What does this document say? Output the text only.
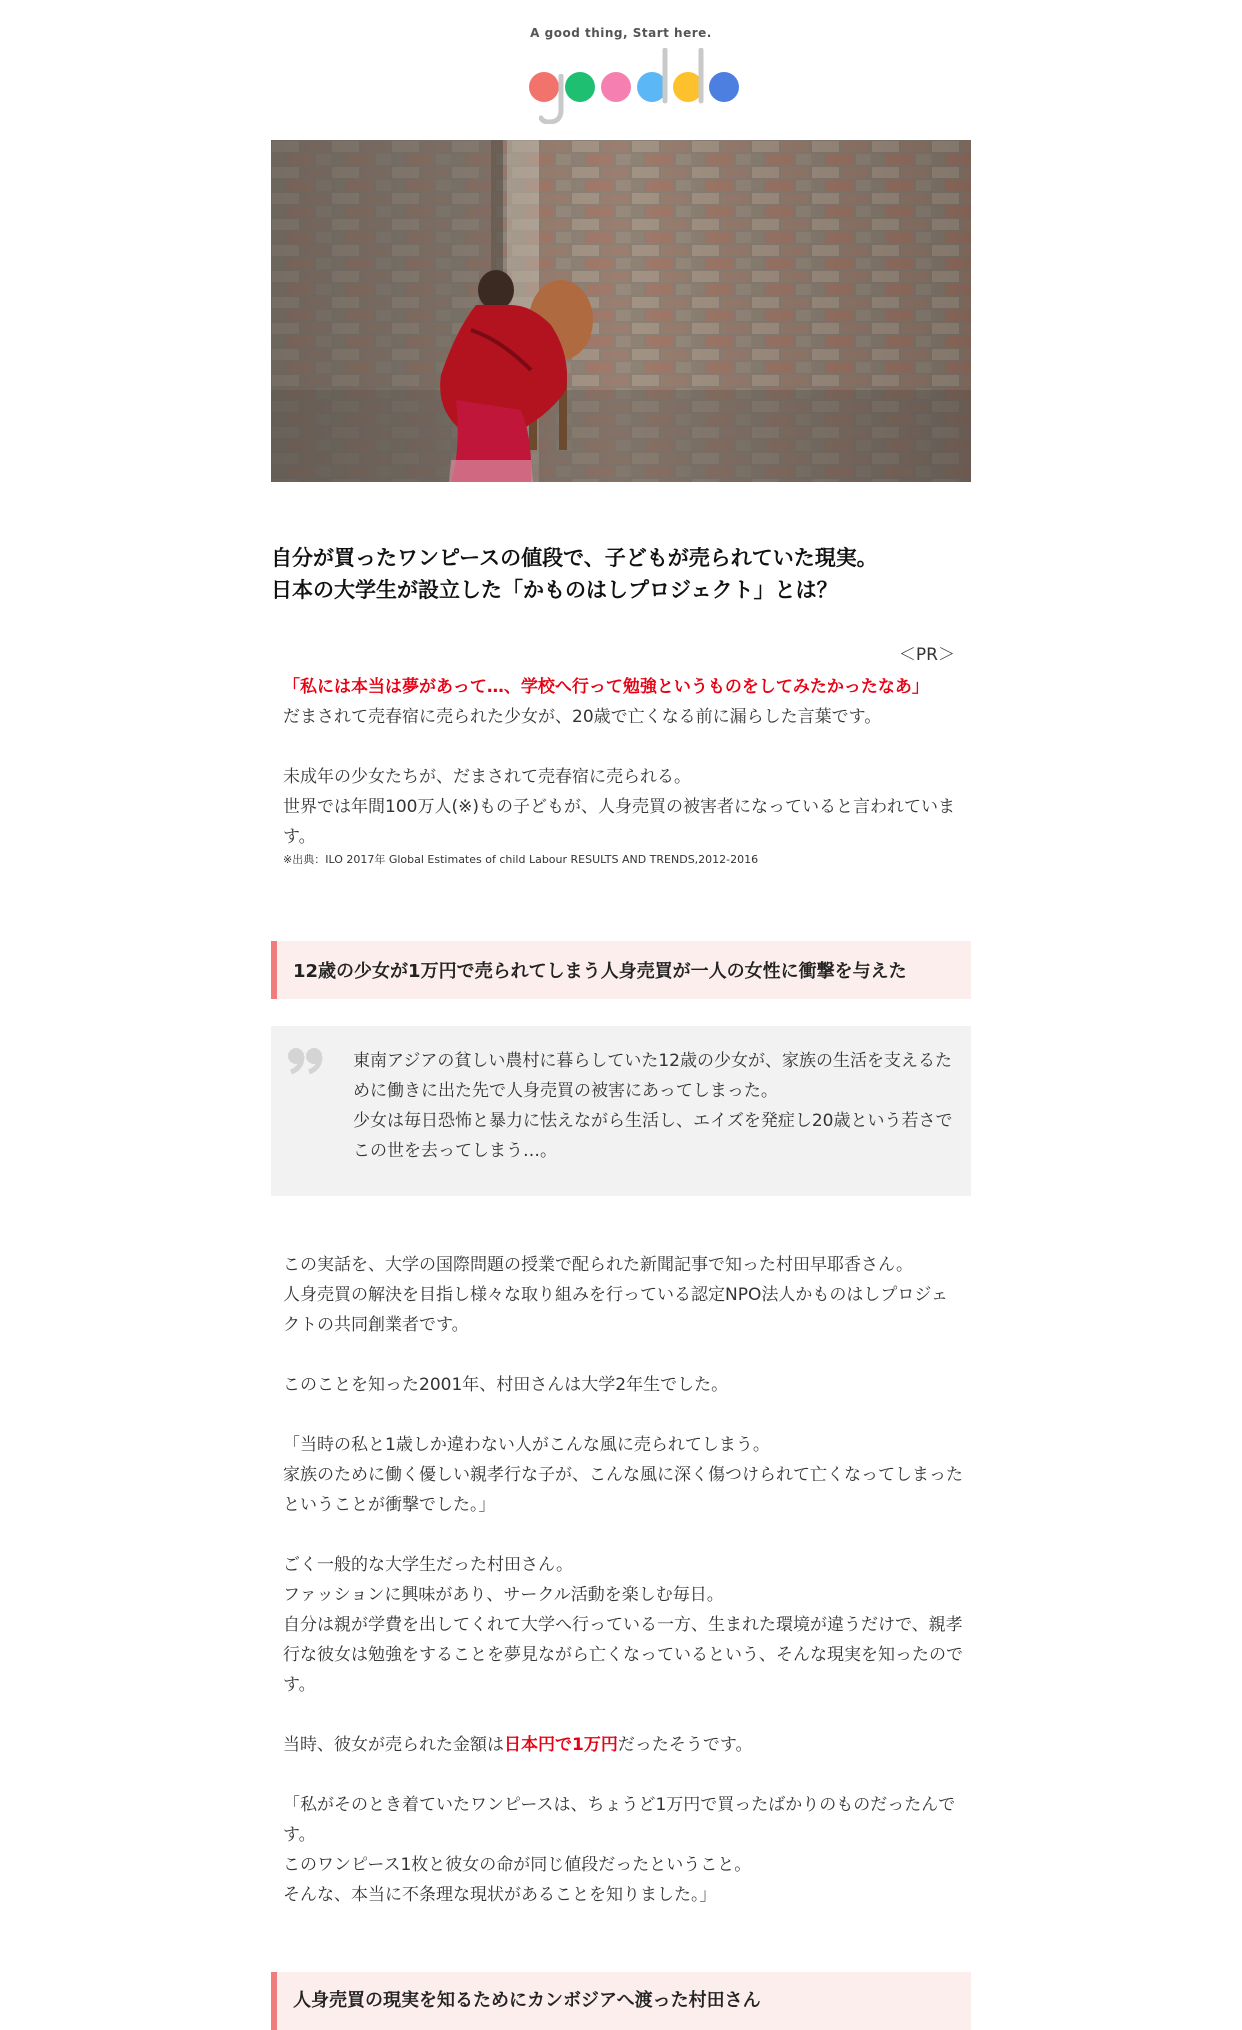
A good thing, Start here.
自分が買ったワンピースの値段で、子どもが売られていた現実。
日本の大学生が設立した「かものはしプロジェクト」とは？
＜PR＞
「私には本当は夢があって…、学校へ行って勉強というものをしてみたかったなあ」
だまされて売春宿に売られた少女が、20歳で亡くなる前に漏らした言葉です。
未成年の少女たちが、だまされて売春宿に売られる。
世界では年間100万人(※)もの子どもが、人身売買の被害者になっていると言われています。
※出典：ILO 2017年 Global Estimates of child Labour RESULTS AND TRENDS,2012-2016
12歳の少女が1万円で売られてしまう人身売買が一人の女性に衝撃を与えた
東南アジアの貧しい農村に暮らしていた12歳の少女が、家族の生活を支えるために働きに出た先で人身売買の被害にあってしまった。
少女は毎日恐怖と暴力に怯えながら生活し、エイズを発症し20歳という若さでこの世を去ってしまう…。
この実話を、大学の国際問題の授業で配られた新聞記事で知った村田早耶香さん。
人身売買の解決を目指し様々な取り組みを行っている認定NPO法人かものはしプロジェクトの共同創業者です。
このことを知った2001年、村田さんは大学2年生でした。
「当時の私と1歳しか違わない人がこんな風に売られてしまう。
家族のために働く優しい親孝行な子が、こんな風に深く傷つけられて亡くなってしまったということが衝撃でした。」
ごく一般的な大学生だった村田さん。
ファッションに興味があり、サークル活動を楽しむ毎日。
自分は親が学費を出してくれて大学へ行っている一方、生まれた環境が違うだけで、親孝行な彼女は勉強をすることを夢見ながら亡くなっているという、そんな現実を知ったのです。
当時、彼女が売られた金額は日本円で1万円だったそうです。
「私がそのとき着ていたワンピースは、ちょうど1万円で買ったばかりのものだったんです。
このワンピース1枚と彼女の命が同じ値段だったということ。
そんな、本当に不条理な現状があることを知りました。」
人身売買の現実を知るためにカンボジアへ渡った村田さん
